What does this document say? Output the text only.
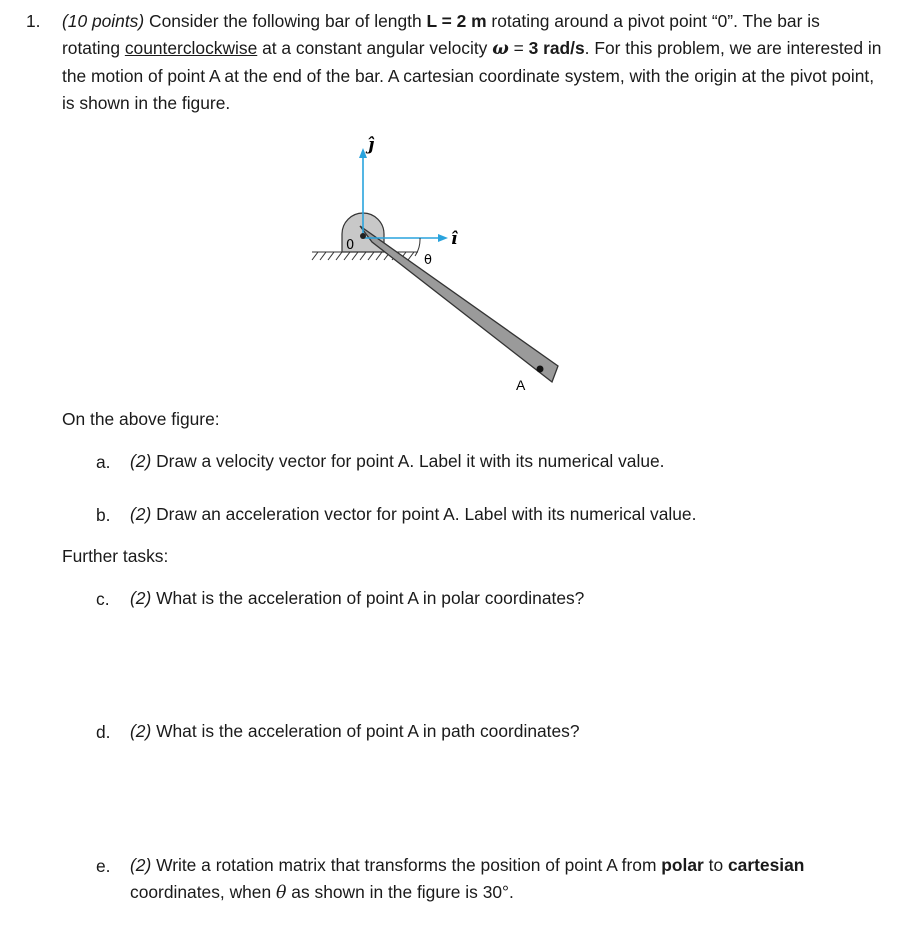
1. (10 points) Consider the following bar of length L = 2 m rotating around a pivot point “0”. The bar is rotating counterclockwise at a constant angular velocity ω = 3 rad/s. For this problem, we are interested in the motion of point A at the end of the bar. A cartesian coordinate system, with the origin at the pivot point, is shown in the figure.
ĵ
î
0
θ
A
On the above figure:
a. (2) Draw a velocity vector for point A. Label it with its numerical value.
b. (2) Draw an acceleration vector for point A. Label with its numerical value.
Further tasks:
c. (2) What is the acceleration of point A in polar coordinates?
d. (2) What is the acceleration of point A in path coordinates?
e. (2) Write a rotation matrix that transforms the position of point A from polar to cartesian coordinates, when θ as shown in the figure is 30°.
